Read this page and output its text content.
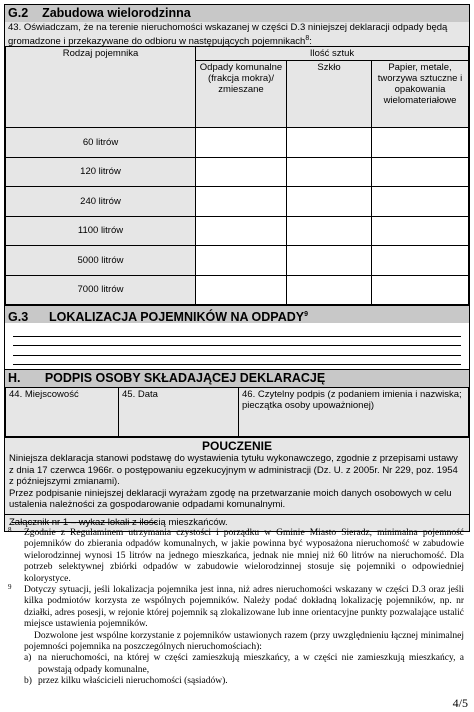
G.2 Zabudowa wielorodzinna
43. Oświadczam, że na terenie nieruchomości wskazanej w części D.3 niniejszej deklaracji odpady będą gromadzone i przekazywane do odbioru w następujących pojemnikach$^8$:
Rodzaj pojemnika	Ilość sztuk		
	Odpady komunalne (frakcja mokra)/ zmieszane	Szkło	Papier, metale, tworzywa sztuczne i opakowania wielomateriałowe
60 litrów			
120 litrów			
240 litrów			
1100 litrów			
5000 litrów			
7000 litrów			
G.3 LOKALIZACJA POJEMNIKÓW NA ODPADY$^9$
H. PODPIS OSOBY SKŁADAJĄCEJ DEKLARACJĘ
44. Miejscowość	45. Data	46. Czytelny podpis (z podaniem imienia i nazwiska; pieczątka osoby upoważnionej)
POUCZENIE
Niniejsza deklaracja stanowi podstawę do wystawienia tytułu wykonawczego, zgodnie z przepisami ustawy z dnia 17 czerwca 1966r. o postępowaniu egzekucyjnym w administracji (Dz. U. z 2005r. Nr 229, poz. 1954 z późniejszymi zmianami).
Przez podpisanie niniejszej deklaracji wyrażam zgodę na przetwarzanie moich danych osobowych w celu ustalenia należności za gospodarowanie odpadami komunalnymi.
Załącznik nr 1 – wykaz lokali z ilością mieszkańców.
8 Zgodnie z Regulaminem utrzymania czystości i porządku w Gminie Miasto Sieradz, minimalna pojemność pojemników do zbierania odpadów komunalnych, w jakie powinna być wyposażona nieruchomość w zabudowie wielorodzinnej wynosi 15 litrów na jednego mieszkańca, jednak nie mniej niż 60 litrów na nieruchomość. Dla potrzeb selektywnej zbiórki odpadów w zabudowie wielorodzinnej stosuje się pojemniki o odpowiedniej kolorystyce.

9 Dotyczy sytuacji, jeśli lokalizacja pojemnika jest inna, niż adres nieruchomości wskazany w części D.3 oraz jeśli kilka podmiotów korzysta ze wspólnych pojemników. Należy podać dokładną lokalizację pojemników, np. nr działki, adres posesji, w rejonie której pojemnik są zlokalizowane lub inne orientacyjne punkty pozwalające ustalić miejsce ustawienia pojemników.

Dozwolone jest wspólne korzystanie z pojemników ustawionych razem (przy uwzględnieniu łącznej minimalnej pojemności pojemnika na poszczególnych nieruchomościach):

a) na nieruchomości, na której w części zamieszkują mieszkańcy, a w części nie zamieszkują mieszkańcy, a powstają odpady komunalne,
b) przez kilku właścicieli nieruchomości (sąsiadów).
4/5
